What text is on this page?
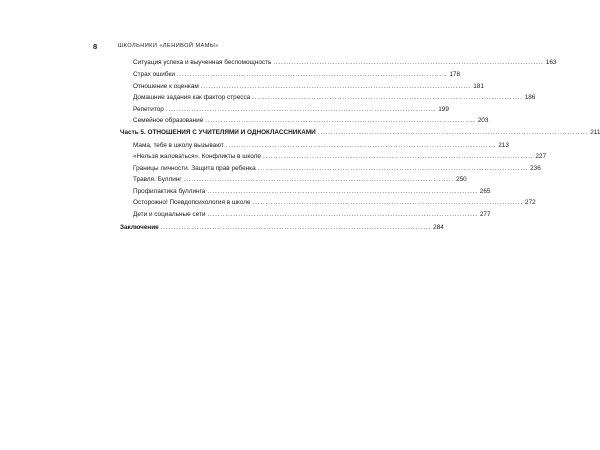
8	ШКОЛЬНИКИ «ЛЕНИВОЙ МАМЫ»
Ситуация успеха и выученная беспомощность ......................................................................................................... 163
Страх ошибки ......................................................................................................... 178
Отношение к оценкам ......................................................................................................... 181
Домашние задания как фактор стресса ......................................................................................................... 186
Репетитор ......................................................................................................... 199
Семейное образование ......................................................................................................... 203
Часть 5. ОТНОШЕНИЯ С УЧИТЕЛЯМИ И ОДНОКЛАССНИКАМИ ......................................................................................................... 211
Мама, тебя в школу вызывают ......................................................................................................... 213
«Нельзя жаловаться». Конфликты в школе ......................................................................................................... 227
Границы личности. Защита прав ребенка ......................................................................................................... 236
Травля. Буллинг ......................................................................................................... 250
Профилактика буллинга ......................................................................................................... 265
Осторожно! Псевдопсихология в школе ......................................................................................................... 272
Дети и социальные сети ......................................................................................................... 277
Заключение ......................................................................................................... 284
